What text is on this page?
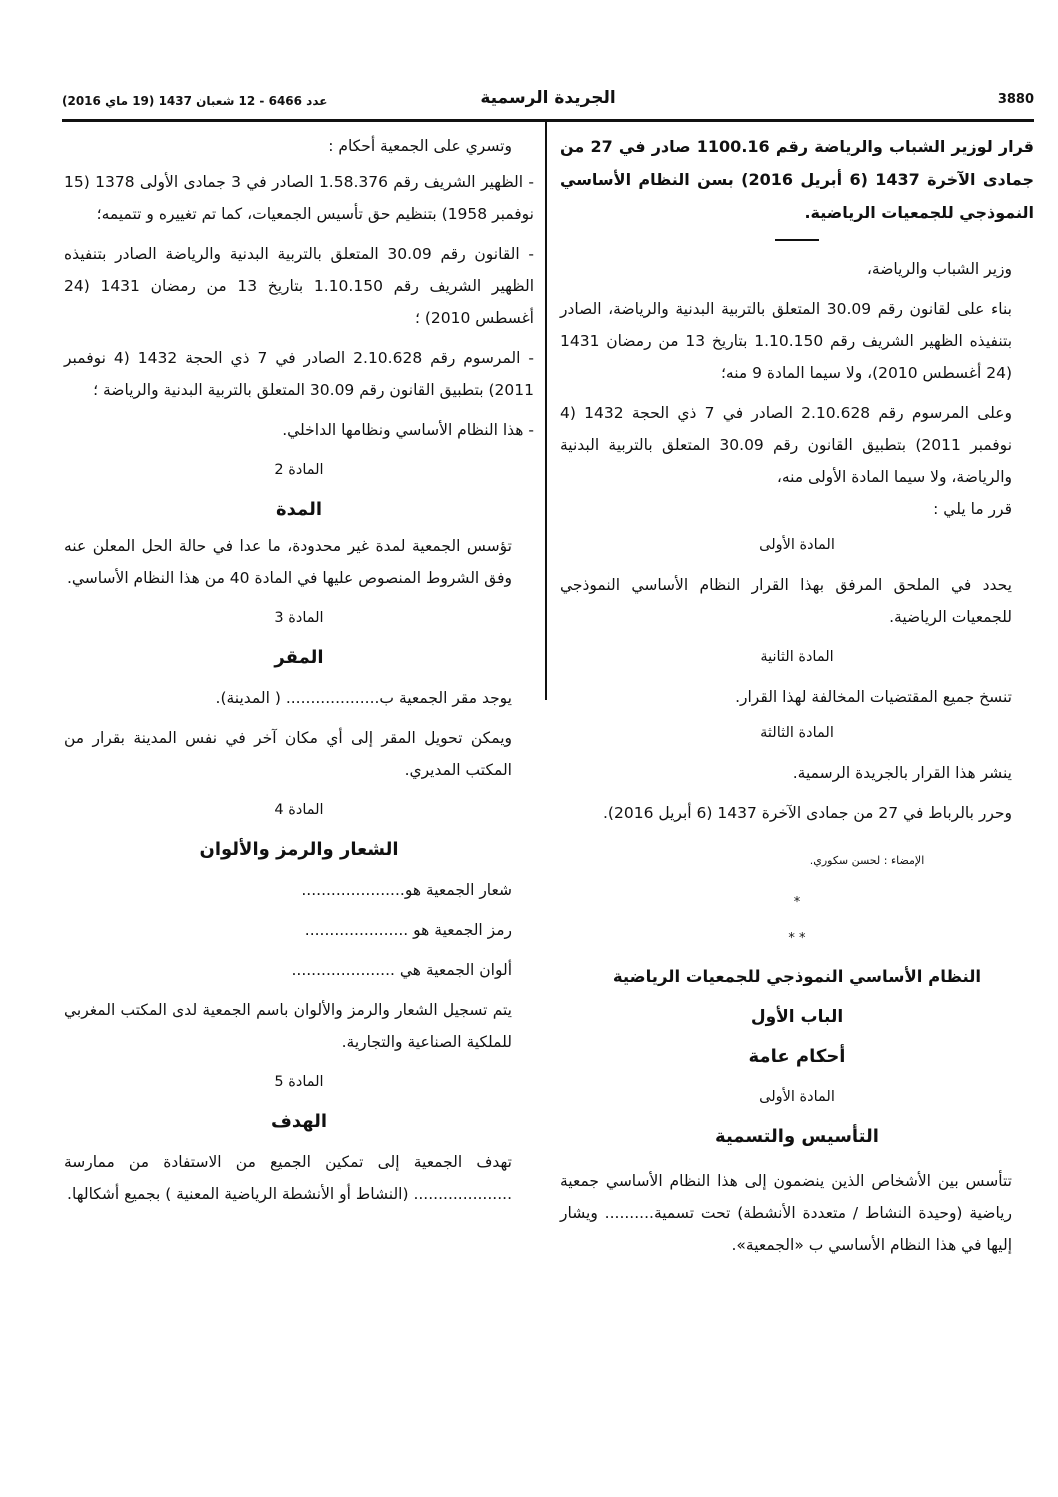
عدد 6466 - 12 شعبان 1437 (19 ماي 2016)	الجريدة الرسمية	3880

قرار لوزير الشباب والرياضة رقم 1100.16 صادر في 27 من جمادى الآخرة 1437 (6 أبريل 2016) بسن النظام الأساسي النموذجي للجمعيات الرياضية.

وزير الشباب والرياضة،

بناء على لقانون رقم 30.09 المتعلق بالتربية البدنية والرياضة، الصادر بتنفيذه الظهير الشريف رقم 1.10.150 بتاريخ 13 من رمضان 1431 (24 أغسطس 2010)، ولا سيما المادة 9 منه؛

وعلى المرسوم رقم 2.10.628 الصادر في 7 ذي الحجة 1432 (4 نوفمبر 2011) بتطبيق القانون رقم 30.09 المتعلق بالتربية البدنية والرياضة، ولا سيما المادة الأولى منه،

قرر ما يلي :

المادة الأولى

يحدد في الملحق المرفق بهذا القرار النظام الأساسي النموذجي للجمعيات الرياضية.

المادة الثانية

تنسخ جميع المقتضيات المخالفة لهذا القرار.

المادة الثالثة

ينشر هذا القرار بالجريدة الرسمية.

وحرر بالرباط في 27 من جمادى الآخرة 1437 (6 أبريل 2016).

الإمضاء : لحسن سكوري.

*

* *

النظام الأساسي النموذجي للجمعيات الرياضية

الباب الأول

أحكام عامة

المادة الأولى

التأسيس والتسمية

تتأسس بين الأشخاص الذين ينضمون إلى هذا النظام الأساسي جمعية رياضية (وحيدة النشاط / متعددة الأنشطة) تحت تسمية.......... ويشار إليها في هذا النظام الأساسي ب «الجمعية».

وتسري على الجمعية أحكام :

- الظهير الشريف رقم 1.58.376 الصادر في 3 جمادى الأولى 1378 (15 نوفمبر 1958) بتنظيم حق تأسيس الجمعيات، كما تم تغييره و تتميمه؛

- القانون رقم 30.09 المتعلق بالتربية البدنية والرياضة الصادر بتنفيذه الظهير الشريف رقم 1.10.150 بتاريخ 13 من رمضان 1431 (24 أغسطس 2010) ؛

- المرسوم رقم 2.10.628 الصادر في 7 ذي الحجة 1432 (4 نوفمبر 2011) بتطبيق القانون رقم 30.09 المتعلق بالتربية البدنية والرياضة ؛

- هذا النظام الأساسي ونظامها الداخلي.

المادة 2

المدة

تؤسس الجمعية لمدة غير محدودة، ما عدا في حالة الحل المعلن عنه وفق الشروط المنصوص عليها في المادة 40 من هذا النظام الأساسي.

المادة 3

المقر

يوجد مقر الجمعية ب................... ( المدينة).

ويمكن تحويل المقر إلى أي مكان آخر في نفس المدينة بقرار من المكتب المديري.

المادة 4

الشعار والرمز والألوان

شعار الجمعية هو.....................

رمز الجمعية هو .....................

ألوان الجمعية هي .....................

يتم تسجيل الشعار والرمز والألوان باسم الجمعية لدى المكتب المغربي للملكية الصناعية والتجارية.

المادة 5

الهدف

تهدف الجمعية إلى تمكين الجميع من الاستفادة من ممارسة .................... (النشاط أو الأنشطة الرياضية المعنية ) بجميع أشكالها.
